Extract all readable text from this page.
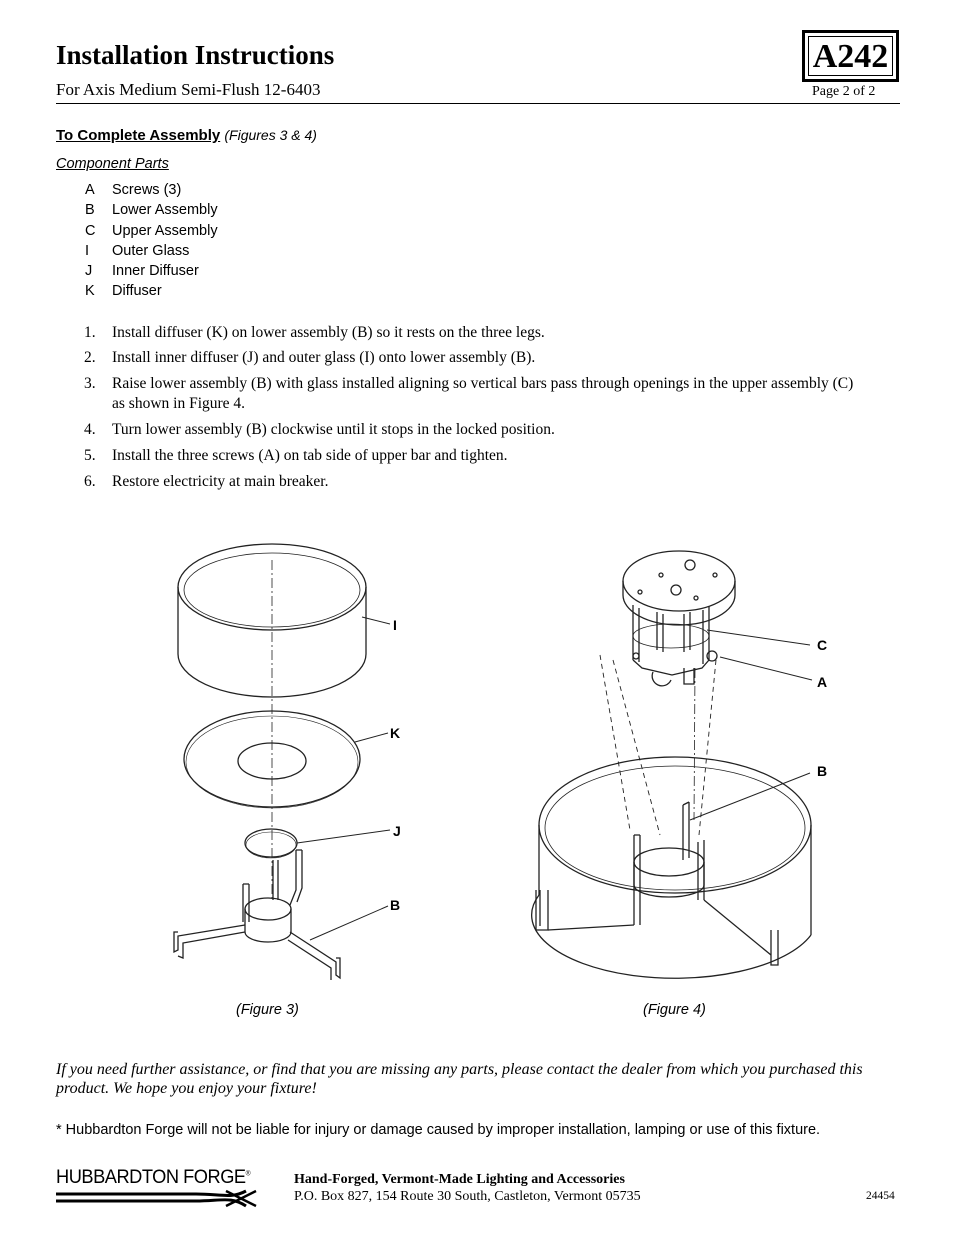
Installation Instructions
For Axis Medium Semi-Flush 12-6403
A242
Page 2 of 2
To Complete Assembly (Figures 3 & 4)
Component Parts
A Screws (3)
B Lower Assembly
C Upper Assembly
I Outer Glass
J Inner Diffuser
K Diffuser
1. Install diffuser (K) on lower assembly (B) so it rests on the three legs.
2. Install inner diffuser (J) and outer glass (I) onto lower assembly (B).
3. Raise lower assembly (B) with glass installed aligning so vertical bars pass through openings in the upper assembly (C) as shown in Figure 4.
4. Turn lower assembly (B) clockwise until it stops in the locked position.
5. Install the three screws (A) on tab side of upper bar and tighten.
6. Restore electricity at main breaker.
I
K
J
B
C
A
B
(Figure 3)	(Figure 4)
If you need further assistance, or find that you are missing any parts, please contact the dealer from which you purchased this product. We hope you enjoy your fixture!
* Hubbardton Forge will not be liable for injury or damage caused by improper installation, lamping or use of this fixture.
HUBBARDTON FORGE®	Hand-Forged, Vermont-Made Lighting and Accessories
P.O. Box 827, 154 Route 30 South, Castleton, Vermont 05735	24454
